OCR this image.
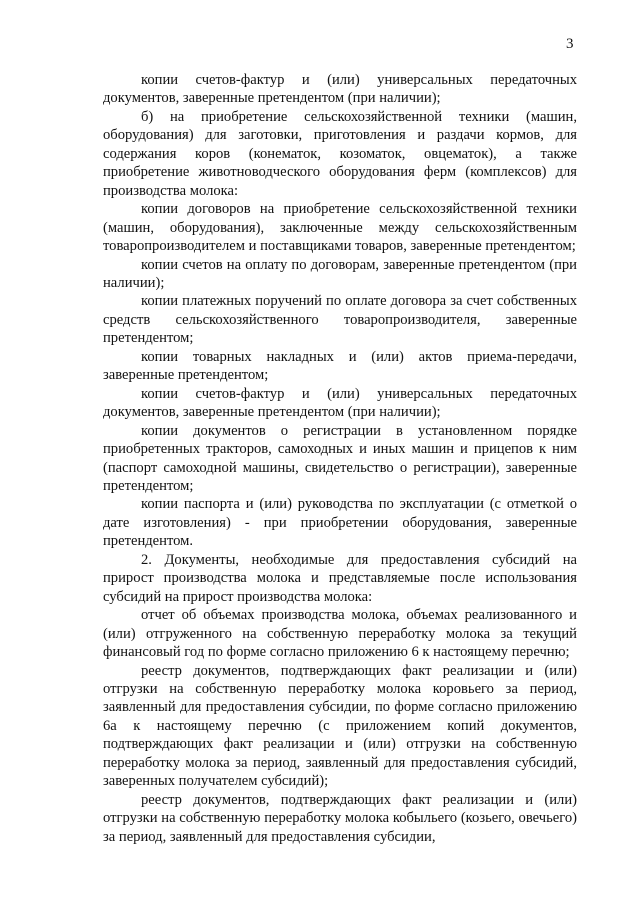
3

копии счетов-фактур и (или) универсальных передаточных документов, заверенные претендентом (при наличии);

б) на приобретение сельскохозяйственной техники (машин, оборудования) для заготовки, приготовления и раздачи кормов, для содержания коров (конематок, козоматок, овцематок), а также приобретение животноводческого оборудования ферм (комплексов) для производства молока:

копии договоров на приобретение сельскохозяйственной техники (машин, оборудования), заключенные между сельскохозяйственным товаропроизводителем и поставщиками товаров, заверенные претендентом;

копии счетов на оплату по договорам, заверенные претендентом (при наличии);

копии платежных поручений по оплате договора за счет собственных средств сельскохозяйственного товаропроизводителя, заверенные претендентом;

копии товарных накладных и (или) актов приема-передачи, заверенные претендентом;

копии счетов-фактур и (или) универсальных передаточных документов, заверенные претендентом (при наличии);

копии документов о регистрации в установленном порядке приобретенных тракторов, самоходных и иных машин и прицепов к ним (паспорт самоходной машины, свидетельство о регистрации), заверенные претендентом;

копии паспорта и (или) руководства по эксплуатации (с отметкой о дате изготовления) - при приобретении оборудования, заверенные претендентом.

2. Документы, необходимые для предоставления субсидий на прирост производства молока и представляемые после использования субсидий на прирост производства молока:

отчет об объемах производства молока, объемах реализованного и (или) отгруженного на собственную переработку молока за текущий финансовый год по форме согласно приложению 6 к настоящему перечню;

реестр документов, подтверждающих факт реализации и (или) отгрузки на собственную переработку молока коровьего за период, заявленный для предоставления субсидии, по форме согласно приложению 6а к настоящему перечню (с приложением копий документов, подтверждающих факт реализации и (или) отгрузки на собственную переработку молока за период, заявленный для предоставления субсидий, заверенных получателем субсидий);

реестр документов, подтверждающих факт реализации и (или) отгрузки на собственную переработку молока кобыльего (козьего, овечьего) за период, заявленный для предоставления субсидии,
